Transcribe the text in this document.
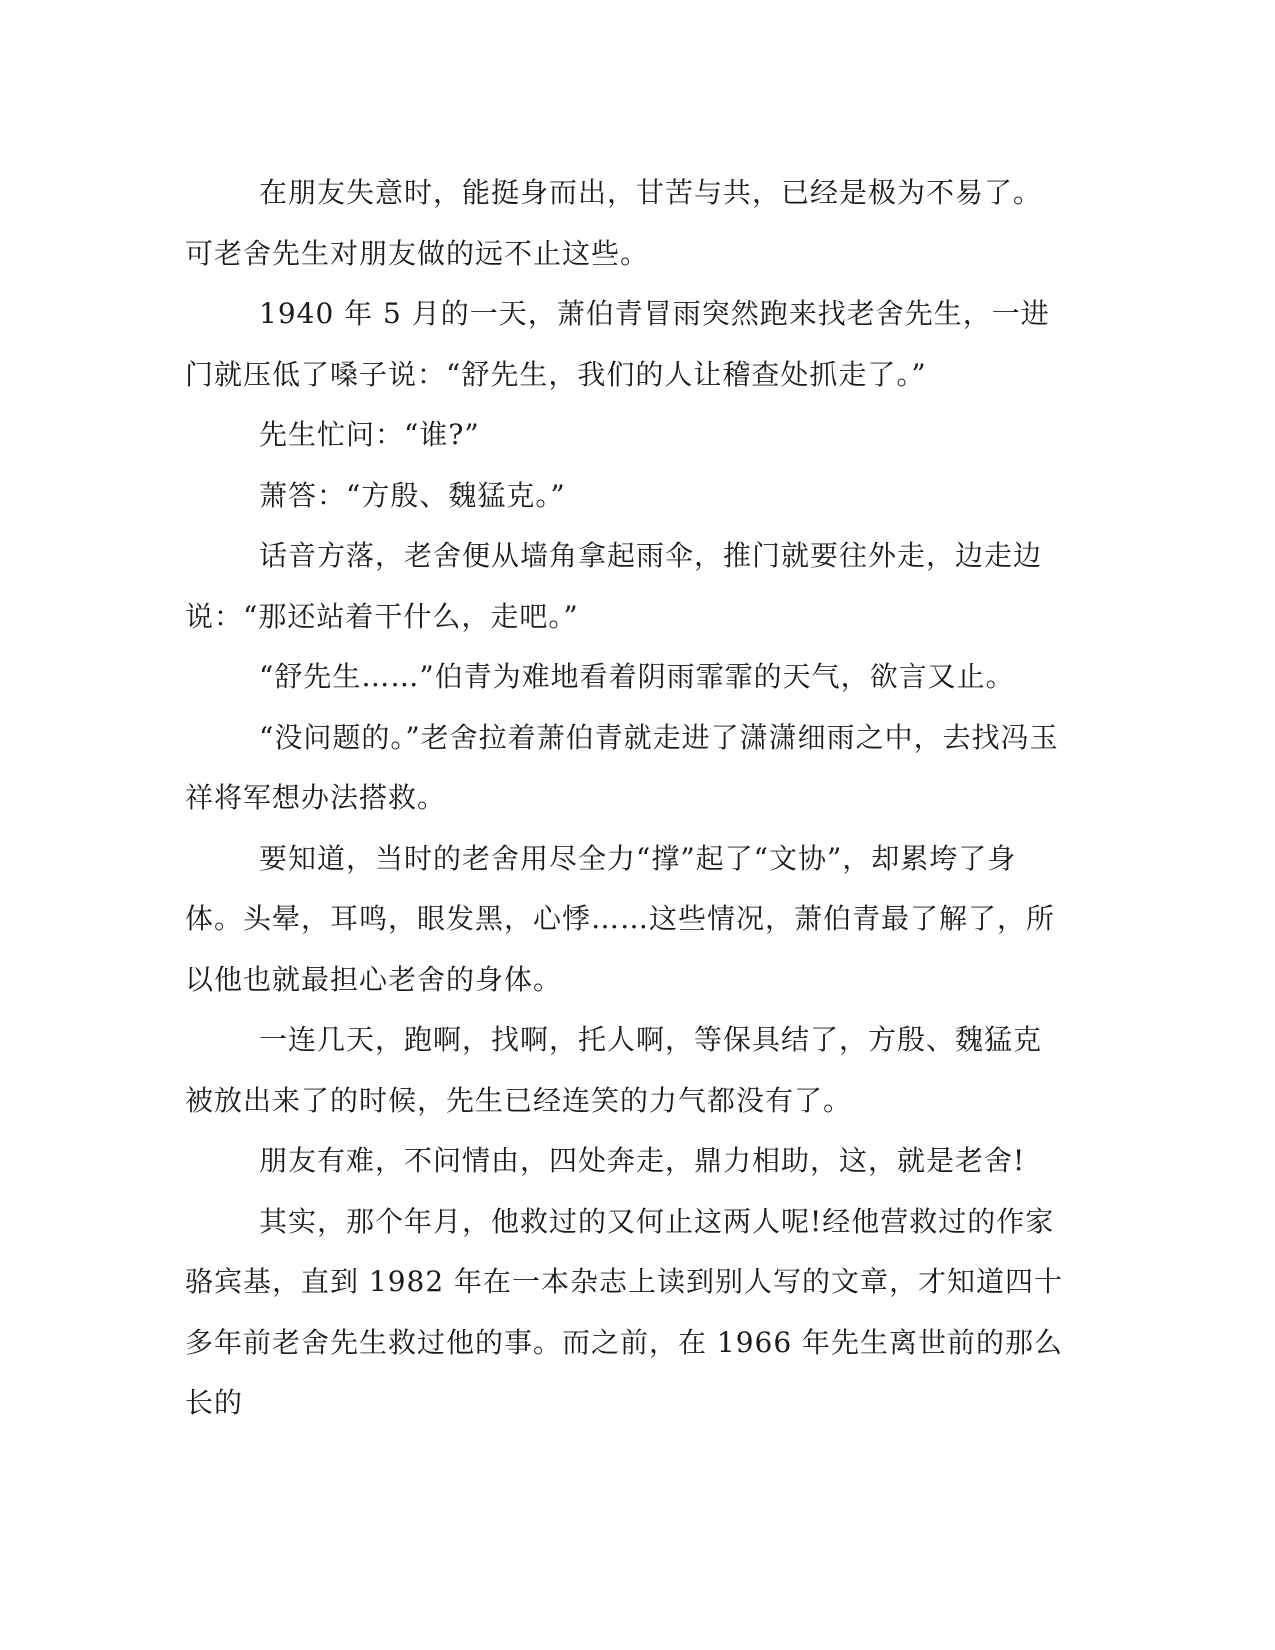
在朋友失意时，能挺身而出，甘苦与共，已经是极为不易了。可老舍先生对朋友做的远不止这些。

1940 年 5 月的一天，萧伯青冒雨突然跑来找老舍先生，一进门就压低了嗓子说：“舒先生，我们的人让稽查处抓走了。”

先生忙问：“谁?”

萧答：“方殷、魏猛克。”

话音方落，老舍便从墙角拿起雨伞，推门就要往外走，边走边说：“那还站着干什么，走吧。”

“舒先生……”伯青为难地看着阴雨霏霏的天气，欲言又止。

“没问题的。”老舍拉着萧伯青就走进了潇潇细雨之中，去找冯玉祥将军想办法搭救。

要知道，当时的老舍用尽全力“撑”起了“文协”，却累垮了身体。头晕，耳鸣，眼发黑，心悸……这些情况，萧伯青最了解了，所以他也就最担心老舍的身体。

一连几天，跑啊，找啊，托人啊，等保具结了，方殷、魏猛克被放出来了的时候，先生已经连笑的力气都没有了。

朋友有难，不问情由，四处奔走，鼎力相助，这，就是老舍!

其实，那个年月，他救过的又何止这两人呢!经他营救过的作家骆宾基，直到 1982 年在一本杂志上读到别人写的文章，才知道四十多年前老舍先生救过他的事。而之前，在 1966 年先生离世前的那么长的
